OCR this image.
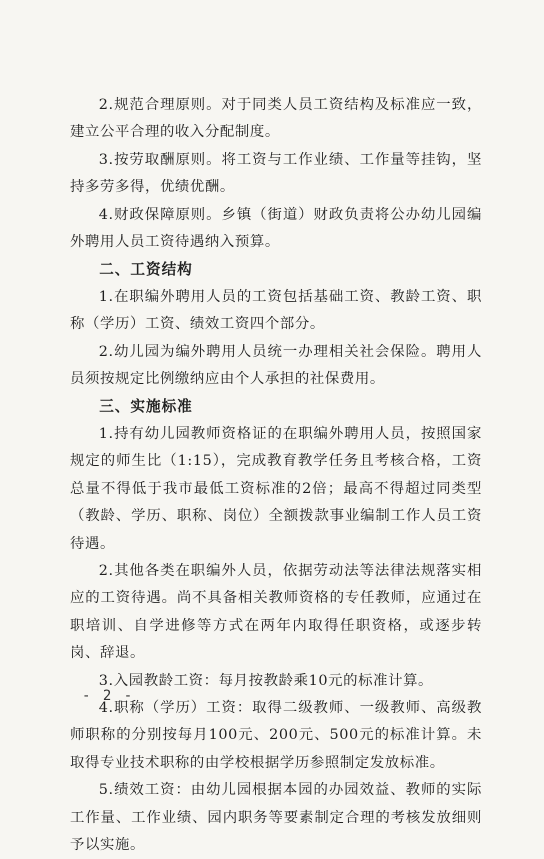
2.规范合理原则。对于同类人员工资结构及标准应一致，建立公平合理的收入分配制度。

3.按劳取酬原则。将工资与工作业绩、工作量等挂钩，坚持多劳多得，优绩优酬。

4.财政保障原则。乡镇（街道）财政负责将公办幼儿园编外聘用人员工资待遇纳入预算。

二、工资结构

1.在职编外聘用人员的工资包括基础工资、教龄工资、职称（学历）工资、绩效工资四个部分。

2.幼儿园为编外聘用人员统一办理相关社会保险。聘用人员须按规定比例缴纳应由个人承担的社保费用。

三、实施标准

1.持有幼儿园教师资格证的在职编外聘用人员，按照国家规定的师生比（1:15），完成教育教学任务且考核合格，工资总量不得低于我市最低工资标准的2倍；最高不得超过同类型（教龄、学历、职称、岗位）全额拨款事业编制工作人员工资待遇。

2.其他各类在职编外人员，依据劳动法等法律法规落实相应的工资待遇。尚不具备相关教师资格的专任教师，应通过在职培训、自学进修等方式在两年内取得任职资格，或逐步转岗、辞退。

3.入园教龄工资：每月按教龄乘10元的标准计算。

4.职称（学历）工资：取得二级教师、一级教师、高级教师职称的分别按每月100元、200元、500元的标准计算。未取得专业技术职称的由学校根据学历参照制定发放标准。

5.绩效工资：由幼儿园根据本园的办园效益、教师的实际工作量、工作业绩、园内职务等要素制定合理的考核发放细则予以实施。

- 2 -
